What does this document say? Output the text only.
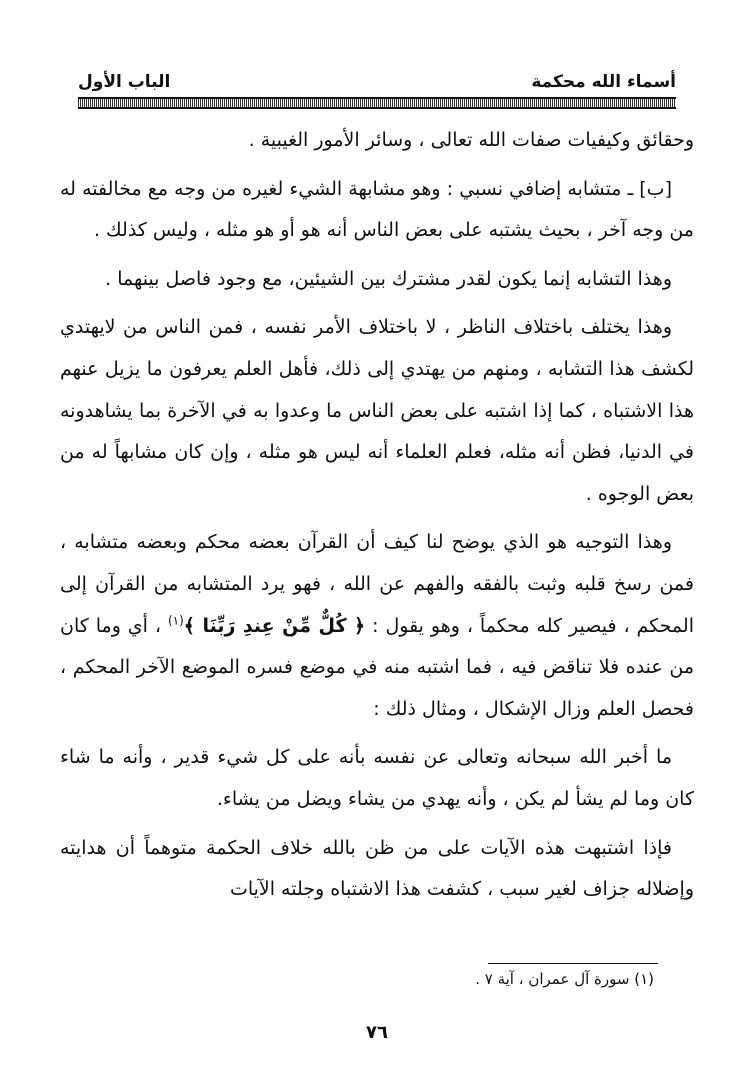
أسماء الله محكمة
الباب الأول

وحقائق وكيفيات صفات الله تعالى ، وسائر الأمور الغيبية .

[ب] ـ متشابه إضافي نسبي : وهو مشابهة الشيء لغيره من وجه مع مخالفته له من وجه آخر ، بحيث يشتبه على بعض الناس أنه هو أو هو مثله ، وليس كذلك .

وهذا التشابه إنما يكون لقدر مشترك بين الشيئين، مع وجود فاصل بينهما .

وهذا يختلف باختلاف الناظر ، لا باختلاف الأمر نفسه ، فمن الناس من لايهتدي لكشف هذا التشابه ، ومنهم من يهتدي إلى ذلك، فأهل العلم يعرفون ما يزيل عنهم هذا الاشتباه ، كما إذا اشتبه على بعض الناس ما وعدوا به في الآخرة بما يشاهدونه في الدنيا، فظن أنه مثله، فعلم العلماء أنه ليس هو مثله ، وإن كان مشابهاً له من بعض الوجوه .

وهذا التوجيه هو الذي يوضح لنا كيف أن القرآن بعضه محكم وبعضه متشابه ، فمن رسخ قلبه وثبت بالفقه والفهم عن الله ، فهو يرد المتشابه من القرآن إلى المحكم ، فيصير كله محكماً ، وهو يقول : ﴿ كُلٌّ مِّنْ عِندِ رَبِّنَا ﴾$^{(١)}$ ، أي وما كان من عنده فلا تناقض فيه ، فما اشتبه منه في موضع فسره الموضع الآخر المحكم ، فحصل العلم وزال الإشكال ، ومثال ذلك :

ما أخبر الله سبحانه وتعالى عن نفسه بأنه على كل شيء قدير ، وأنه ما شاء كان وما لم يشأ لم يكن ، وأنه يهدي من يشاء ويضل من يشاء.

فإذا اشتبهت هذه الآيات على من ظن بالله خلاف الحكمة متوهماً أن هدايته وإضلاله جزاف لغير سبب ، كشفت هذا الاشتباه وجلته الآيات

(١) سورة آل عمران ، آية ٧ .
٧٦
